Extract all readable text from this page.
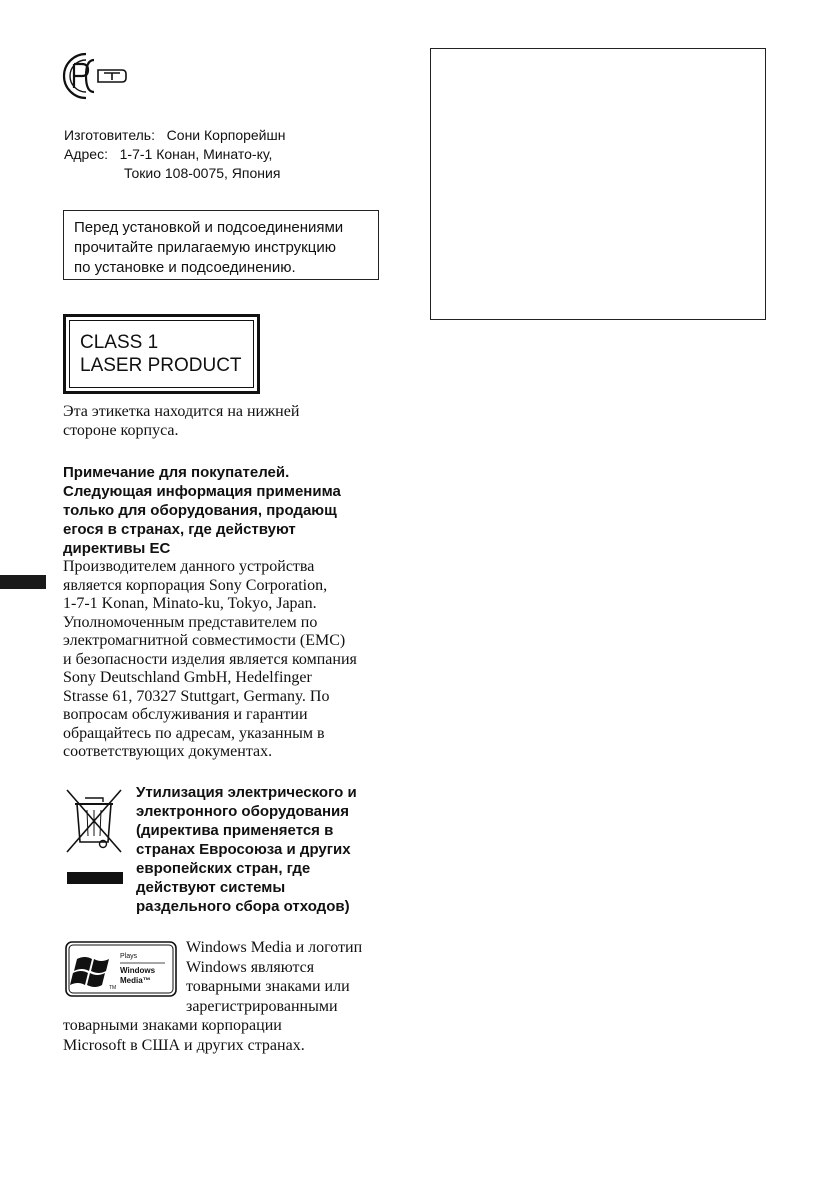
Изготовитель: Сони Корпорейшн
Адрес: 1-7-1 Конан, Минато-ку,
Токио 108-0075, Япония
Перед установкой и подсоединениями
прочитайте прилагаемую инструкцию
по установке и подсоединению.
CLASS 1
LASER PRODUCT
Эта этикетка находится на нижней
стороне корпуса.
Примечание для покупателей.
Следующая информация применима
только для оборудования, продающ
егося в странах, где действуют
директивы ЕС
Производителем данного устройства
является корпорация Sony Corporation,
1-7-1 Konan, Minato-ku, Tokyo, Japan.
Уполномоченным представителем по
электромагнитной совместимости (EMC)
и безопасности изделия является компания
Sony Deutschland GmbH, Hedelfinger
Strasse 61, 70327 Stuttgart, Germany. По
вопросам обслуживания и гарантии
обращайтесь по адресам, указанным в
соответствующих документах.
Утилизация электрического и
электронного оборудования
(директива применяется в
странах Евросоюза и других
европейских стран, где
действуют системы
раздельного сбора отходов)
Plays
Windows
Media™
TM
Windows Media и логотип
Windows являются
товарными знаками или
зарегистрированными
товарными знаками корпорации
Microsoft в США и других странах.
